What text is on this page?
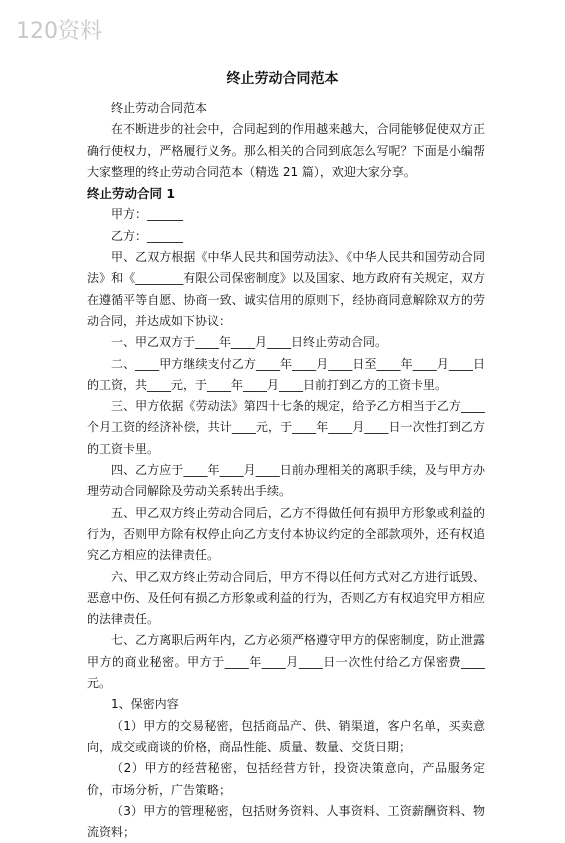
120资料
终止劳动合同范本

终止劳动合同范本

在不断进步的社会中，合同起到的作用越来越大，合同能够促使双方正确行使权力，严格履行义务。那么相关的合同到底怎么写呢？下面是小编帮大家整理的终止劳动合同范本（精选 21 篇），欢迎大家分享。

终止劳动合同 1

甲方：______

乙方：______

甲、乙双方根据《中华人民共和国劳动法》、《中华人民共和国劳动合同法》和《________有限公司保密制度》以及国家、地方政府有关规定，双方在遵循平等自愿、协商一致、诚实信用的原则下，经协商同意解除双方的劳动合同，并达成如下协议：

一、甲乙双方于____年____月____日终止劳动合同。

二、____甲方继续支付乙方____年____月____日至____年____月____日的工资，共____元，于____年____月____日前打到乙方的工资卡里。

三、甲方依据《劳动法》第四十七条的规定，给予乙方相当于乙方____个月工资的经济补偿，共计____元，于____年____月____日一次性打到乙方的工资卡里。

四、乙方应于____年____月____日前办理相关的离职手续，及与甲方办理劳动合同解除及劳动关系转出手续。

五、甲乙双方终止劳动合同后，乙方不得做任何有损甲方形象或利益的行为，否则甲方除有权停止向乙方支付本协议约定的全部款项外，还有权追究乙方相应的法律责任。

六、甲乙双方终止劳动合同后，甲方不得以任何方式对乙方进行诋毁、恶意中伤、及任何有损乙方形象或利益的行为，否则乙方有权追究甲方相应的法律责任。

七、乙方离职后两年内，乙方必须严格遵守甲方的保密制度，防止泄露甲方的商业秘密。甲方于____年____月____日一次性付给乙方保密费____元。

1、保密内容

（1）甲方的交易秘密，包括商品产、供、销渠道，客户名单，买卖意向，成交或商谈的价格，商品性能、质量、数量、交货日期；

（2）甲方的经营秘密，包括经营方针，投资决策意向，产品服务定价，市场分析，广告策略；

（3）甲方的管理秘密，包括财务资料、人事资料、工资薪酬资料、物流资料；
